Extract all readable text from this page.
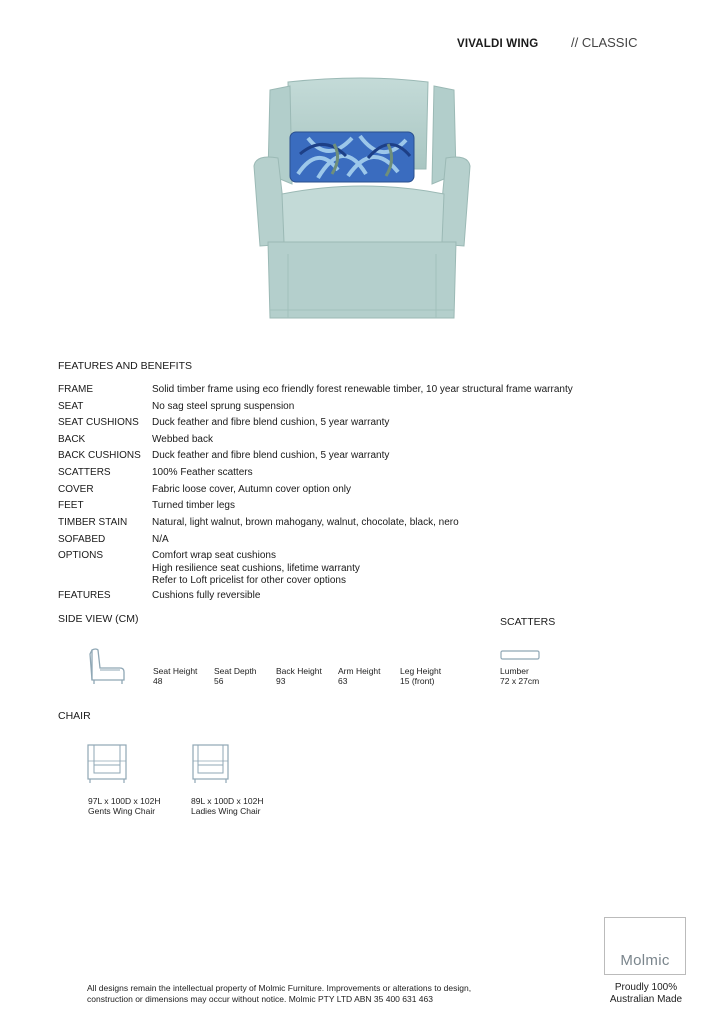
VIVALDI WING	// CLASSIC
FEATURES AND BENEFITS
FRAME	Solid timber frame using eco friendly forest renewable timber, 10 year structural frame warranty
SEAT	No sag steel sprung suspension
SEAT CUSHIONS	Duck feather and fibre blend cushion, 5 year warranty
BACK	Webbed back
BACK CUSHIONS	Duck feather and fibre blend cushion, 5 year warranty
SCATTERS	100% Feather scatters
COVER	Fabric loose cover, Autumn cover option only
FEET	Turned timber legs
TIMBER STAIN	Natural, light walnut, brown mahogany, walnut, chocolate, black, nero
SOFABED	N/A
OPTIONS	Comfort wrap seat cushions
High resilience seat cushions, lifetime warranty
Refer to Loft pricelist for other cover options
FEATURES	Cushions fully reversible
SIDE VIEW (CM)
Seat Height
48
Seat Depth
56
Back Height
93
Arm Height
63
Leg Height
15 (front)
SCATTERS
Lumber
72 x 27cm
CHAIR
97L x 100D x 102H
Gents Wing Chair
89L x 100D x 102H
Ladies Wing Chair
Molmic
Proudly 100%
Australian Made
All designs remain the intellectual property of Molmic Furniture. Improvements or alterations to design,
construction or dimensions may occur without notice. Molmic PTY LTD ABN 35 400 631 463
